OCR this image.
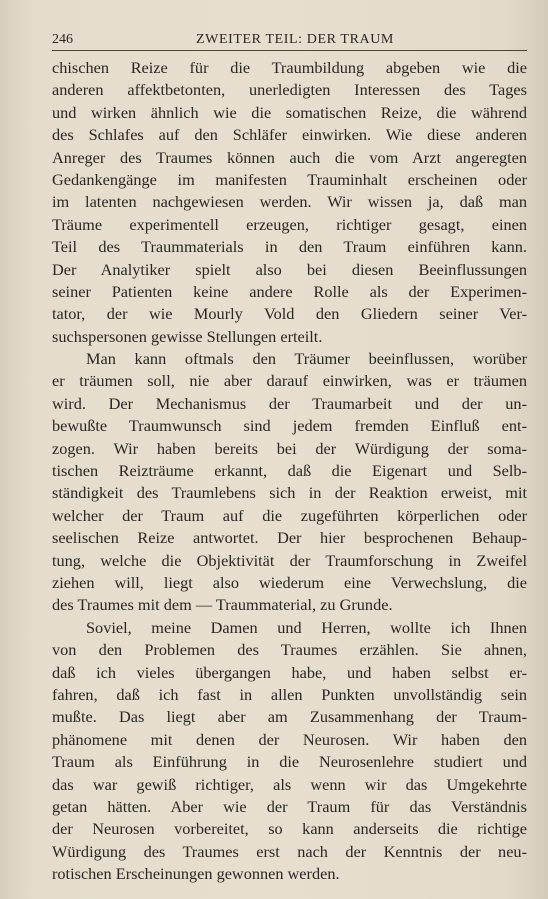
246	ZWEITER TEIL: DER TRAUM
chischen Reize für die Traumbildung abgeben wie die
anderen affektbetonten, unerledigten Interessen des Tages
und wirken ähnlich wie die somatischen Reize, die während
des Schlafes auf den Schläfer einwirken. Wie diese anderen
Anreger des Traumes können auch die vom Arzt angeregten
Gedankengänge im manifesten Trauminhalt erscheinen oder
im latenten nachgewiesen werden. Wir wissen ja, daß man
Träume experimentell erzeugen, richtiger gesagt, einen
Teil des Traummaterials in den Traum einführen kann.
Der Analytiker spielt also bei diesen Beeinflussungen
seiner Patienten keine andere Rolle als der Experimen-
tator, der wie Mourly Vold den Gliedern seiner Ver-
suchspersonen gewisse Stellungen erteilt.
Man kann oftmals den Träumer beeinflussen, worüber
er träumen soll, nie aber darauf einwirken, was er träumen
wird. Der Mechanismus der Traumarbeit und der un-
bewußte Traumwunsch sind jedem fremden Einfluß ent-
zogen. Wir haben bereits bei der Würdigung der soma-
tischen Reizträume erkannt, daß die Eigenart und Selb-
ständigkeit des Traumlebens sich in der Reaktion erweist, mit
welcher der Traum auf die zugeführten körperlichen oder
seelischen Reize antwortet. Der hier besprochenen Behaup-
tung, welche die Objektivität der Traumforschung in Zweifel
ziehen will, liegt also wiederum eine Verwechslung, die
des Traumes mit dem — Traummaterial, zu Grunde.
Soviel, meine Damen und Herren, wollte ich Ihnen
von den Problemen des Traumes erzählen. Sie ahnen,
daß ich vieles übergangen habe, und haben selbst er-
fahren, daß ich fast in allen Punkten unvollständig sein
mußte. Das liegt aber am Zusammenhang der Traum-
phänomene mit denen der Neurosen. Wir haben den
Traum als Einführung in die Neurosenlehre studiert und
das war gewiß richtiger, als wenn wir das Umgekehrte
getan hätten. Aber wie der Traum für das Verständnis
der Neurosen vorbereitet, so kann anderseits die richtige
Würdigung des Traumes erst nach der Kenntnis der neu-
rotischen Erscheinungen gewonnen werden.
